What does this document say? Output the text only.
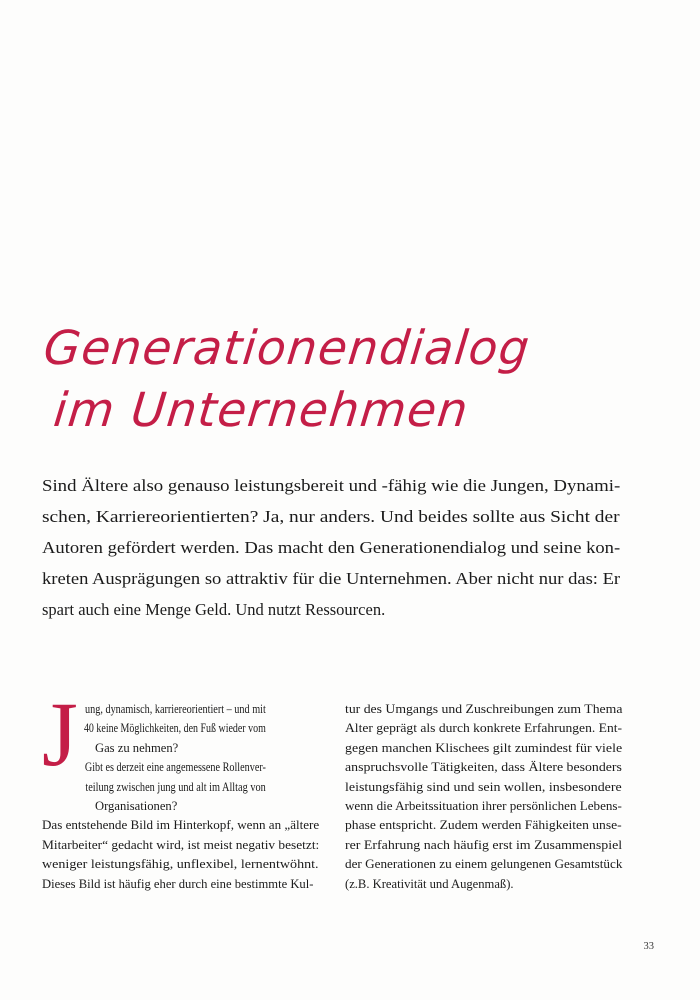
Generationendialog
im Unternehmen
Sind Ältere also genauso leistungsbereit und -fähig wie die Jungen, Dynami- schen, Karriereorientierten? Ja, nur anders. Und beides sollte aus Sicht der Autoren gefördert werden. Das macht den Generationendialog und seine kon- kreten Ausprägungen so attraktiv für die Unternehmen. Aber nicht nur das: Er
spart auch eine Menge Geld. Und nutzt Ressourcen.
J ung, dynamisch, karriereorientiert – und mit 40 keine Möglichkeiten, den Fuß wieder vom
Gas zu nehmen?
Gibt es derzeit eine angemessene Rollenver- teilung zwischen jung und alt im Alltag von
Organisationen?
Das entstehende Bild im Hinterkopf, wenn an „ältere Mitarbeiter“ gedacht wird, ist meist negativ besetzt: weniger leistungsfähig, unflexibel, lernentwöhnt.
Dieses Bild ist häufig eher durch eine bestimmte Kul-
tur des Umgangs und Zuschreibungen zum Thema Alter geprägt als durch konkrete Erfahrungen. Ent- gegen manchen Klischees gilt zumindest für viele anspruchsvolle Tätigkeiten, dass Ältere besonders leistungsfähig sind und sein wollen, insbesondere wenn die Arbeitssituation ihrer persönlichen Lebens- phase entspricht. Zudem werden Fähigkeiten unse- rer Erfahrung nach häufig erst im Zusammenspiel der Generationen zu einem gelungenen Gesamtstück
(z.B. Kreativität und Augenmaß).
33
